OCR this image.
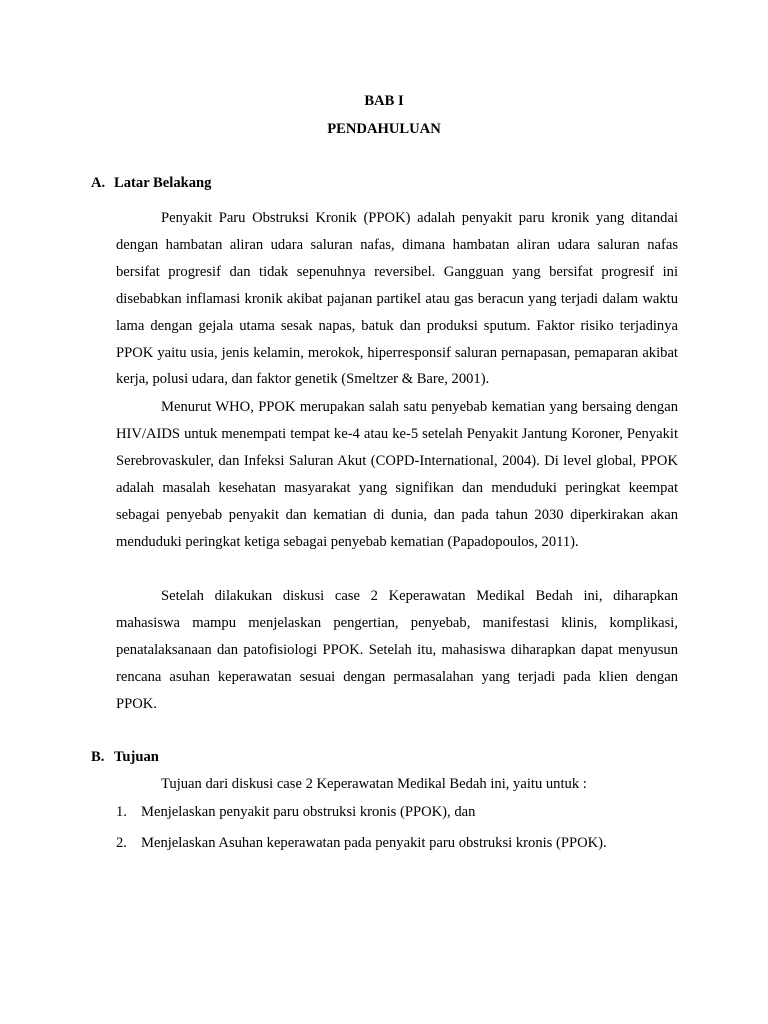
BAB I
PENDAHULUAN
A. Latar Belakang

Penyakit Paru Obstruksi Kronik (PPOK) adalah penyakit paru kronik yang ditandai dengan hambatan aliran udara saluran nafas, dimana hambatan aliran udara saluran nafas bersifat progresif dan tidak sepenuhnya reversibel. Gangguan yang bersifat progresif ini disebabkan inflamasi kronik akibat pajanan partikel atau gas beracun yang terjadi dalam waktu lama dengan gejala utama sesak napas, batuk dan produksi sputum. Faktor risiko terjadinya PPOK yaitu usia, jenis kelamin, merokok, hiperresponsif saluran pernapasan, pemaparan akibat kerja, polusi udara, dan faktor genetik (Smeltzer & Bare, 2001).

Menurut WHO, PPOK merupakan salah satu penyebab kematian yang bersaing dengan HIV/AIDS untuk menempati tempat ke-4 atau ke-5 setelah Penyakit Jantung Koroner, Penyakit Serebrovaskuler, dan Infeksi Saluran Akut (COPD-International, 2004). Di level global, PPOK adalah masalah kesehatan masyarakat yang signifikan dan menduduki peringkat keempat sebagai penyebab penyakit dan kematian di dunia, dan pada tahun 2030 diperkirakan akan menduduki peringkat ketiga sebagai penyebab kematian (Papadopoulos, 2011).

Setelah dilakukan diskusi case 2 Keperawatan Medikal Bedah ini, diharapkan mahasiswa mampu menjelaskan pengertian, penyebab, manifestasi klinis, komplikasi, penatalaksanaan dan patofisiologi PPOK. Setelah itu, mahasiswa diharapkan dapat menyusun rencana asuhan keperawatan sesuai dengan permasalahan yang terjadi pada klien dengan PPOK.

B. Tujuan
Tujuan dari diskusi case 2 Keperawatan Medikal Bedah ini, yaitu untuk :
1. Menjelaskan penyakit paru obstruksi kronis (PPOK), dan
2. Menjelaskan Asuhan keperawatan pada penyakit paru obstruksi kronis (PPOK).
